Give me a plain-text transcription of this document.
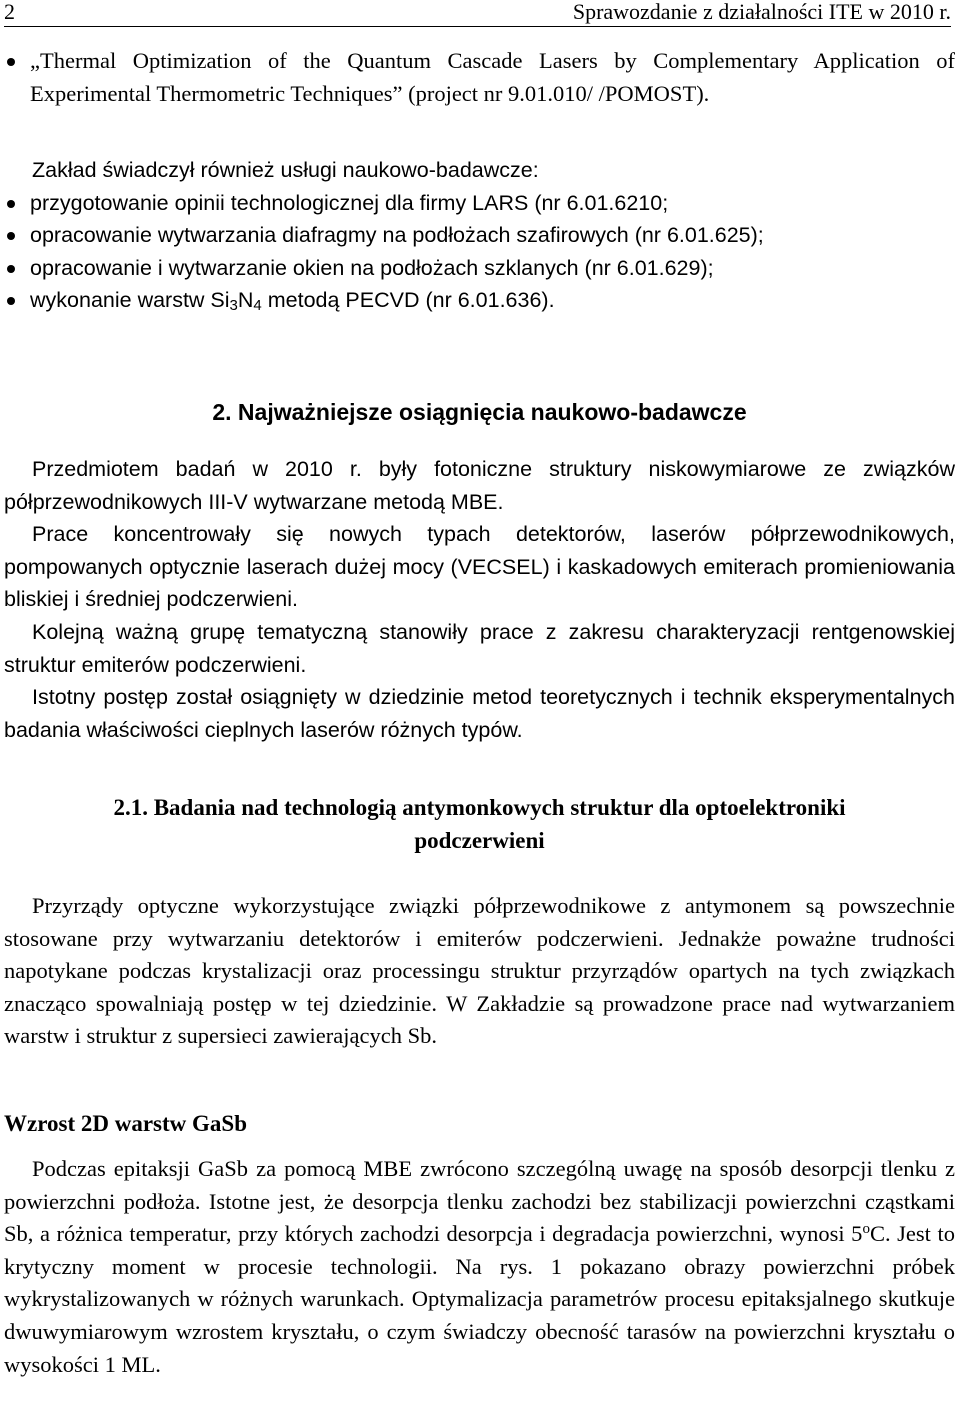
2	Sprawozdanie z działalności ITE w 2010 r.
„Thermal Optimization of the Quantum Cascade Lasers by Complementary Application of Experimental Thermometric Techniques” (project nr 9.01.010/ /POMOST).

Zakład świadczył również usługi naukowo-badawcze:

przygotowanie opinii technologicznej dla firmy LARS (nr 6.01.6210;
opracowanie wytwarzania diafragmy na podłożach szafirowych (nr 6.01.625);
opracowanie i wytwarzanie okien na podłożach szklanych (nr 6.01.629);
wykonanie warstw $Si_3N_4$ metodą PECVD (nr 6.01.636).
2. Najważniejsze osiągnięcia naukowo-badawcze

Przedmiotem badań w 2010 r. były fotoniczne struktury niskowymiarowe ze związków półprzewodnikowych III-V wytwarzane metodą MBE.

Prace koncentrowały się nowych typach detektorów, laserów półprzewodnikowych, pompowanych optycznie laserach dużej mocy (VECSEL) i kaskadowych emiterach promieniowania bliskiej i średniej podczerwieni.

Kolejną ważną grupę tematyczną stanowiły prace z zakresu charakteryzacji rentgenowskiej struktur emiterów podczerwieni.

Istotny postęp został osiągnięty w dziedzinie metod teoretycznych i technik eksperymentalnych badania właściwości cieplnych laserów różnych typów.

2.1. Badania nad technologią antymonkowych struktur dla optoelektroniki
podczerwieni

Przyrządy optyczne wykorzystujące związki półprzewodnikowe z antymonem są powszechnie stosowane przy wytwarzaniu detektorów i emiterów podczerwieni. Jednakże poważne trudności napotykane podczas krystalizacji oraz processingu struktur przyrządów opartych na tych związkach znacząco spowalniają postęp w tej dziedzinie. W Zakładzie są prowadzone prace nad wytwarzaniem warstw i struktur z supersieci zawierających Sb.

Wzrost 2D warstw GaSb

Podczas epitaksji GaSb za pomocą MBE zwrócono szczególną uwagę na sposób desorpcji tlenku z powierzchni podłoża. Istotne jest, że desorpcja tlenku zachodzi bez stabilizacji powierzchni cząstkami Sb, a różnica temperatur, przy których zachodzi desorpcja i degradacja powierzchni, wynosi 5$^o$C. Jest to krytyczny moment w procesie technologii. Na rys. 1 pokazano obrazy powierzchni próbek wykrystalizowanych w różnych warunkach. Optymalizacja parametrów procesu epitaksjalnego skutkuje dwuwymiarowym wzrostem kryształu, o czym świadczy obecność tarasów na powierzchni kryształu o wysokości 1 ML.
